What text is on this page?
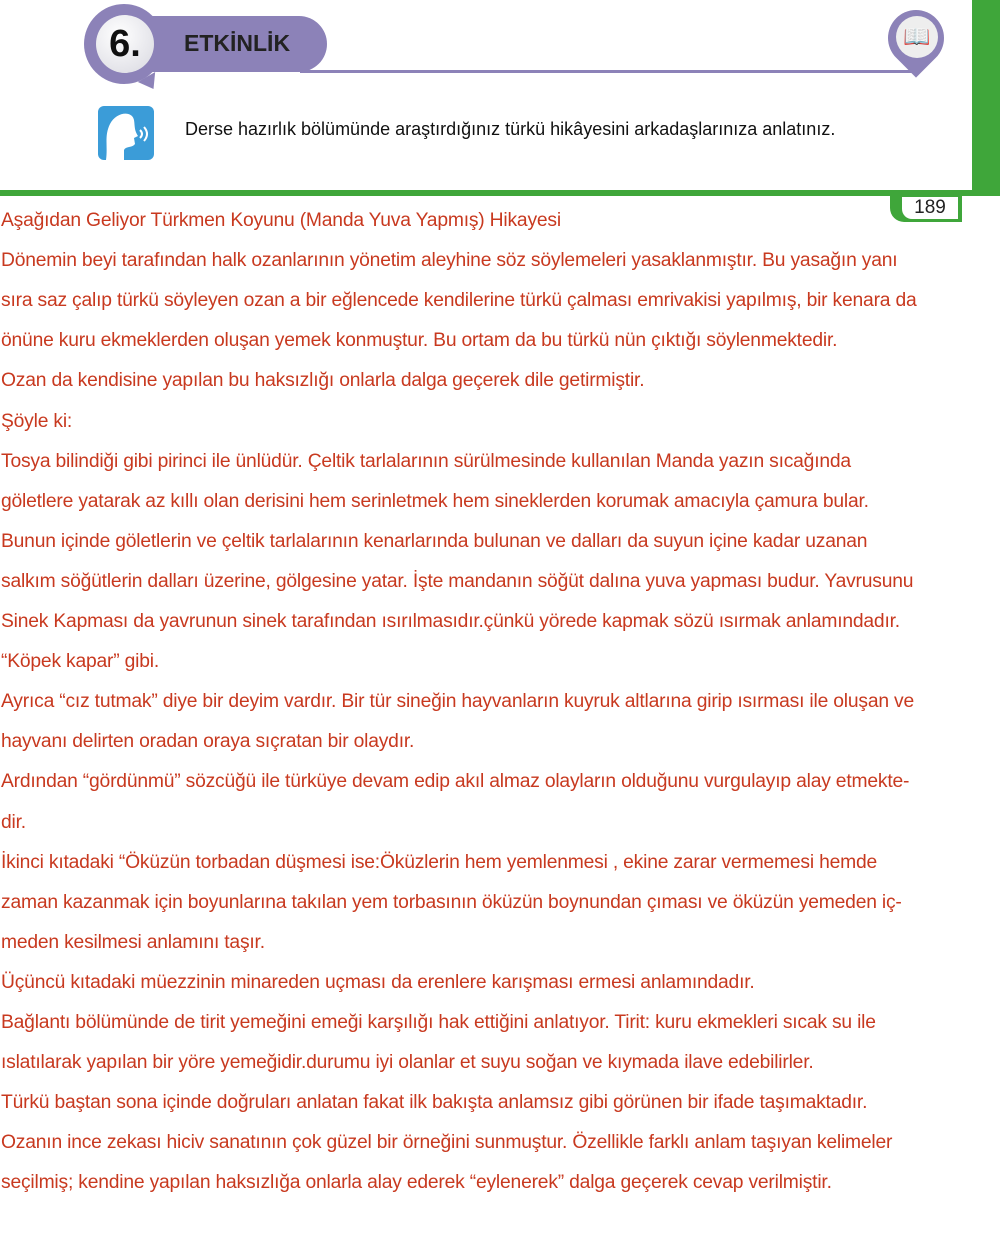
189
6.	ETKİNLİK	📖
Derse hazırlık bölümünde araştırdığınız türkü hikâyesini arkadaşlarınıza anlatınız.
Aşağıdan Geliyor Türkmen Koyunu (Manda Yuva Yapmış) Hikayesi
Dönemin beyi tarafından halk ozanlarının yönetim aleyhine söz söylemeleri yasaklanmıştır. Bu yasağın yanı
sıra saz çalıp türkü söyleyen ozan a bir eğlencede kendilerine türkü çalması emrivakisi yapılmış, bir kenara da
önüne kuru ekmeklerden oluşan yemek konmuştur. Bu ortam da bu türkü nün çıktığı söylenmektedir.
Ozan da kendisine yapılan bu haksızlığı onlarla dalga geçerek dile getirmiştir.
Şöyle ki:
Tosya bilindiği gibi pirinci ile ünlüdür. Çeltik tarlalarının sürülmesinde kullanılan Manda yazın sıcağında
göletlere yatarak az kıllı olan derisini hem serinletmek hem sineklerden korumak amacıyla çamura bular.
Bunun içinde göletlerin ve çeltik tarlalarının kenarlarında bulunan ve dalları da suyun içine kadar uzanan
salkım söğütlerin dalları üzerine, gölgesine yatar. İşte mandanın söğüt dalına yuva yapması budur. Yavrusunu
Sinek Kapması da yavrunun sinek tarafından ısırılmasıdır.çünkü yörede kapmak sözü ısırmak anlamındadır.
“Köpek kapar” gibi.
Ayrıca “cız tutmak” diye bir deyim vardır. Bir tür sineğin hayvanların kuyruk altlarına girip ısırması ile oluşan ve
hayvanı delirten oradan oraya sıçratan bir olaydır.
Ardından “gördünmü” sözcüğü ile türküye devam edip akıl almaz olayların olduğunu vurgulayıp alay etmekte-
dir.
İkinci kıtadaki “Öküzün torbadan düşmesi ise:Öküzlerin hem yemlenmesi , ekine zarar vermemesi hemde
zaman kazanmak için boyunlarına takılan yem torbasının öküzün boynundan çıması ve öküzün yemeden iç-
meden kesilmesi anlamını taşır.
Üçüncü kıtadaki müezzinin minareden uçması da erenlere karışması ermesi anlamındadır.
Bağlantı bölümünde de tirit yemeğini emeği karşılığı hak ettiğini anlatıyor. Tirit: kuru ekmekleri sıcak su ile
ıslatılarak yapılan bir yöre yemeğidir.durumu iyi olanlar et suyu soğan ve kıymada ilave edebilirler.
Türkü baştan sona içinde doğruları anlatan fakat ilk bakışta anlamsız gibi görünen bir ifade taşımaktadır.
Ozanın ince zekası hiciv sanatının çok güzel bir örneğini sunmuştur. Özellikle farklı anlam taşıyan kelimeler
seçilmiş; kendine yapılan haksızlığa onlarla alay ederek “eylenerek” dalga geçerek cevap verilmiştir.
